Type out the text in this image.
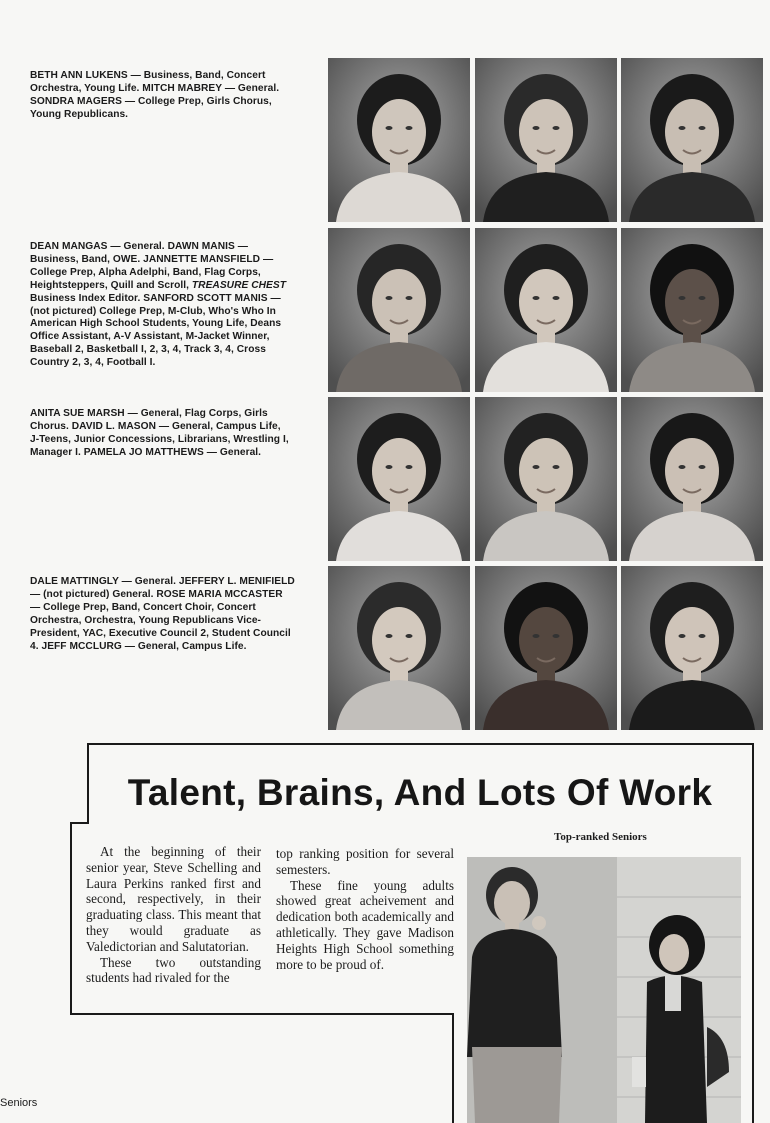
BETH ANN LUKENS — Business, Band, Concert
Orchestra, Young Life. MITCH MABREY — General.
SONDRA MAGERS — College Prep, Girls Chorus,
Young Republicans.
DEAN MANGAS — General. DAWN MANIS —
Business, Band, OWE. JANNETTE MANSFIELD —
College Prep, Alpha Adelphi, Band, Flag Corps,
Heightsteppers, Quill and Scroll, TREASURE CHEST
Business Index Editor. SANFORD SCOTT MANIS —
(not pictured) College Prep, M-Club, Who's Who In
American High School Students, Young Life, Deans
Office Assistant, A-V Assistant, M-Jacket Winner,
Baseball 2, Basketball I, 2, 3, 4, Track 3, 4, Cross
Country 2, 3, 4, Football I.
ANITA SUE MARSH — General, Flag Corps, Girls
Chorus. DAVID L. MASON — General, Campus Life,
J-Teens, Junior Concessions, Librarians, Wrestling I,
Manager I. PAMELA JO MATTHEWS — General.
DALE MATTINGLY — General. JEFFERY L. MENIFIELD
— (not pictured) General. ROSE MARIA MCCASTER
— College Prep, Band, Concert Choir, Concert
Orchestra, Orchestra, Young Republicans Vice-
President, YAC, Executive Council 2, Student Council
4. JEFF MCCLURG — General, Campus Life.
Talent, Brains, And Lots Of Work

At the beginning of their senior year, Steve Schelling and Laura Perkins ranked first and second, respectively, in their graduating class. This meant that they would graduate as Valedictorian and Salutatorian.

These two outstanding students had rivaled for the

top ranking position for several semesters.

These fine young adults showed great acheivement and dedication both academically and athletically. They gave Madison Heights High School something more to be proud of.

Top-ranked Seniors
Seniors
